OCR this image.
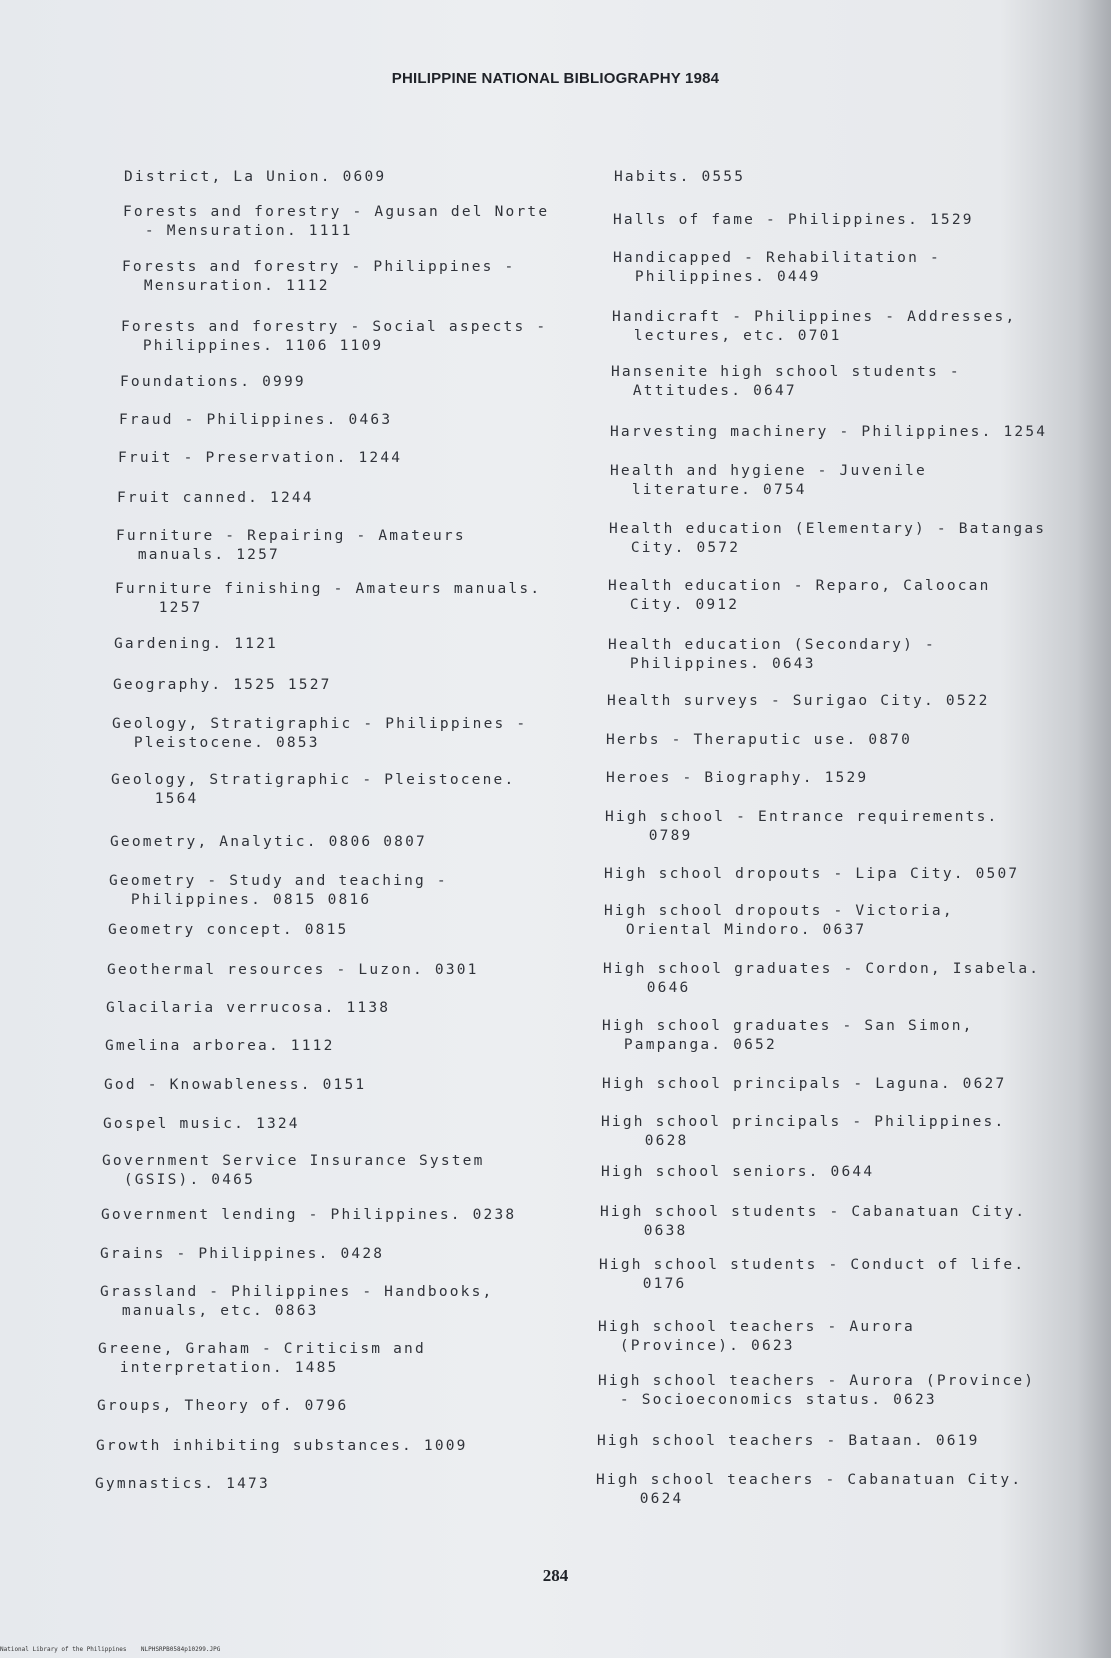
PHILIPPINE NATIONAL BIBLIOGRAPHY 1984
District, La Union. 0609
Forests and forestry - Agusan del Norte
- Mensuration. 1111
Forests and forestry - Philippines -
Mensuration. 1112
Forests and forestry - Social aspects -
Philippines. 1106 1109
Foundations. 0999
Fraud - Philippines. 0463
Fruit - Preservation. 1244
Fruit canned. 1244
Furniture - Repairing - Amateurs
manuals. 1257
Furniture finishing - Amateurs manuals.
1257
Gardening. 1121
Geography. 1525 1527
Geology, Stratigraphic - Philippines -
Pleistocene. 0853
Geology, Stratigraphic - Pleistocene.
1564
Geometry, Analytic. 0806 0807
Geometry - Study and teaching -
Philippines. 0815 0816
Geometry concept. 0815
Geothermal resources - Luzon. 0301
Glacilaria verrucosa. 1138
Gmelina arborea. 1112
God - Knowableness. 0151
Gospel music. 1324
Government Service Insurance System
(GSIS). 0465
Government lending - Philippines. 0238
Grains - Philippines. 0428
Grassland - Philippines - Handbooks,
manuals, etc. 0863
Greene, Graham - Criticism and
interpretation. 1485
Groups, Theory of. 0796
Growth inhibiting substances. 1009
Gymnastics. 1473
Habits. 0555
Halls of fame - Philippines. 1529
Handicapped - Rehabilitation -
Philippines. 0449
Handicraft - Philippines - Addresses,
lectures, etc. 0701
Hansenite high school students -
Attitudes. 0647
Harvesting machinery - Philippines. 1254
Health and hygiene - Juvenile
literature. 0754
Health education (Elementary) - Batangas
City. 0572
Health education - Reparo, Caloocan
City. 0912
Health education (Secondary) -
Philippines. 0643
Health surveys - Surigao City. 0522
Herbs - Theraputic use. 0870
Heroes - Biography. 1529
High school - Entrance requirements.
0789
High school dropouts - Lipa City. 0507
High school dropouts - Victoria,
Oriental Mindoro. 0637
High school graduates - Cordon, Isabela.
0646
High school graduates - San Simon,
Pampanga. 0652
High school principals - Laguna. 0627
High school principals - Philippines.
0628
High school seniors. 0644
High school students - Cabanatuan City.
0638
High school students - Conduct of life.
0176
High school teachers - Aurora
(Province). 0623
High school teachers - Aurora (Province)
- Socioeconomics status. 0623
High school teachers - Bataan. 0619
High school teachers - Cabanatuan City.
0624
284
National Library of the Philippines    NLPHSRPB0584p10299.JPG
